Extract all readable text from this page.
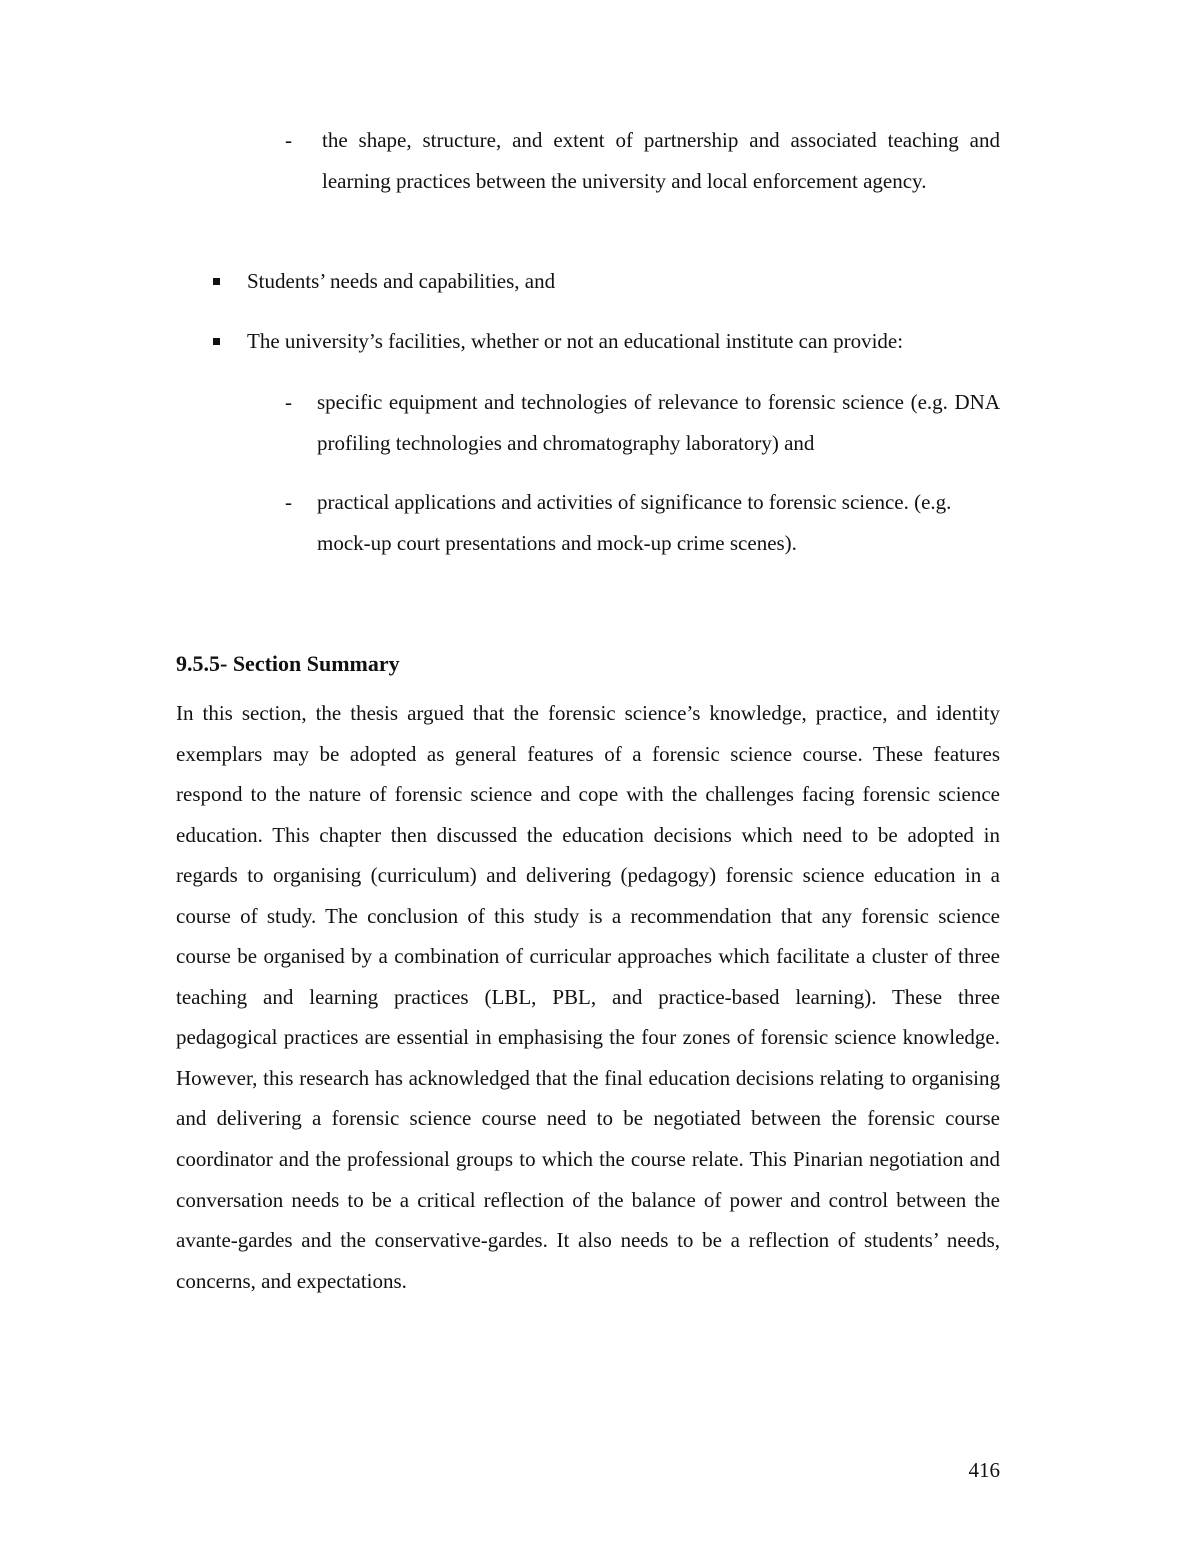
- the shape, structure, and extent of partnership and associated teaching and learning practices between the university and local enforcement agency.
Students’ needs and capabilities, and
The university’s facilities, whether or not an educational institute can provide:
- specific equipment and technologies of relevance to forensic science (e.g. DNA profiling technologies and chromatography laboratory) and
- practical applications and activities of significance to forensic science. (e.g. mock-up court presentations and mock-up crime scenes).
9.5.5- Section Summary
In this section, the thesis argued that the forensic science’s knowledge, practice, and identity exemplars may be adopted as general features of a forensic science course. These features respond to the nature of forensic science and cope with the challenges facing forensic science education. This chapter then discussed the education decisions which need to be adopted in regards to organising (curriculum) and delivering (pedagogy) forensic science education in a course of study. The conclusion of this study is a recommendation that any forensic science course be organised by a combination of curricular approaches which facilitate a cluster of three teaching and learning practices (LBL, PBL, and practice-based learning). These three pedagogical practices are essential in emphasising the four zones of forensic science knowledge. However, this research has acknowledged that the final education decisions relating to organising and delivering a forensic science course need to be negotiated between the forensic course coordinator and the professional groups to which the course relate. This Pinarian negotiation and conversation needs to be a critical reflection of the balance of power and control between the avante-gardes and the conservative-gardes. It also needs to be a reflection of students’ needs, concerns, and expectations.
416
